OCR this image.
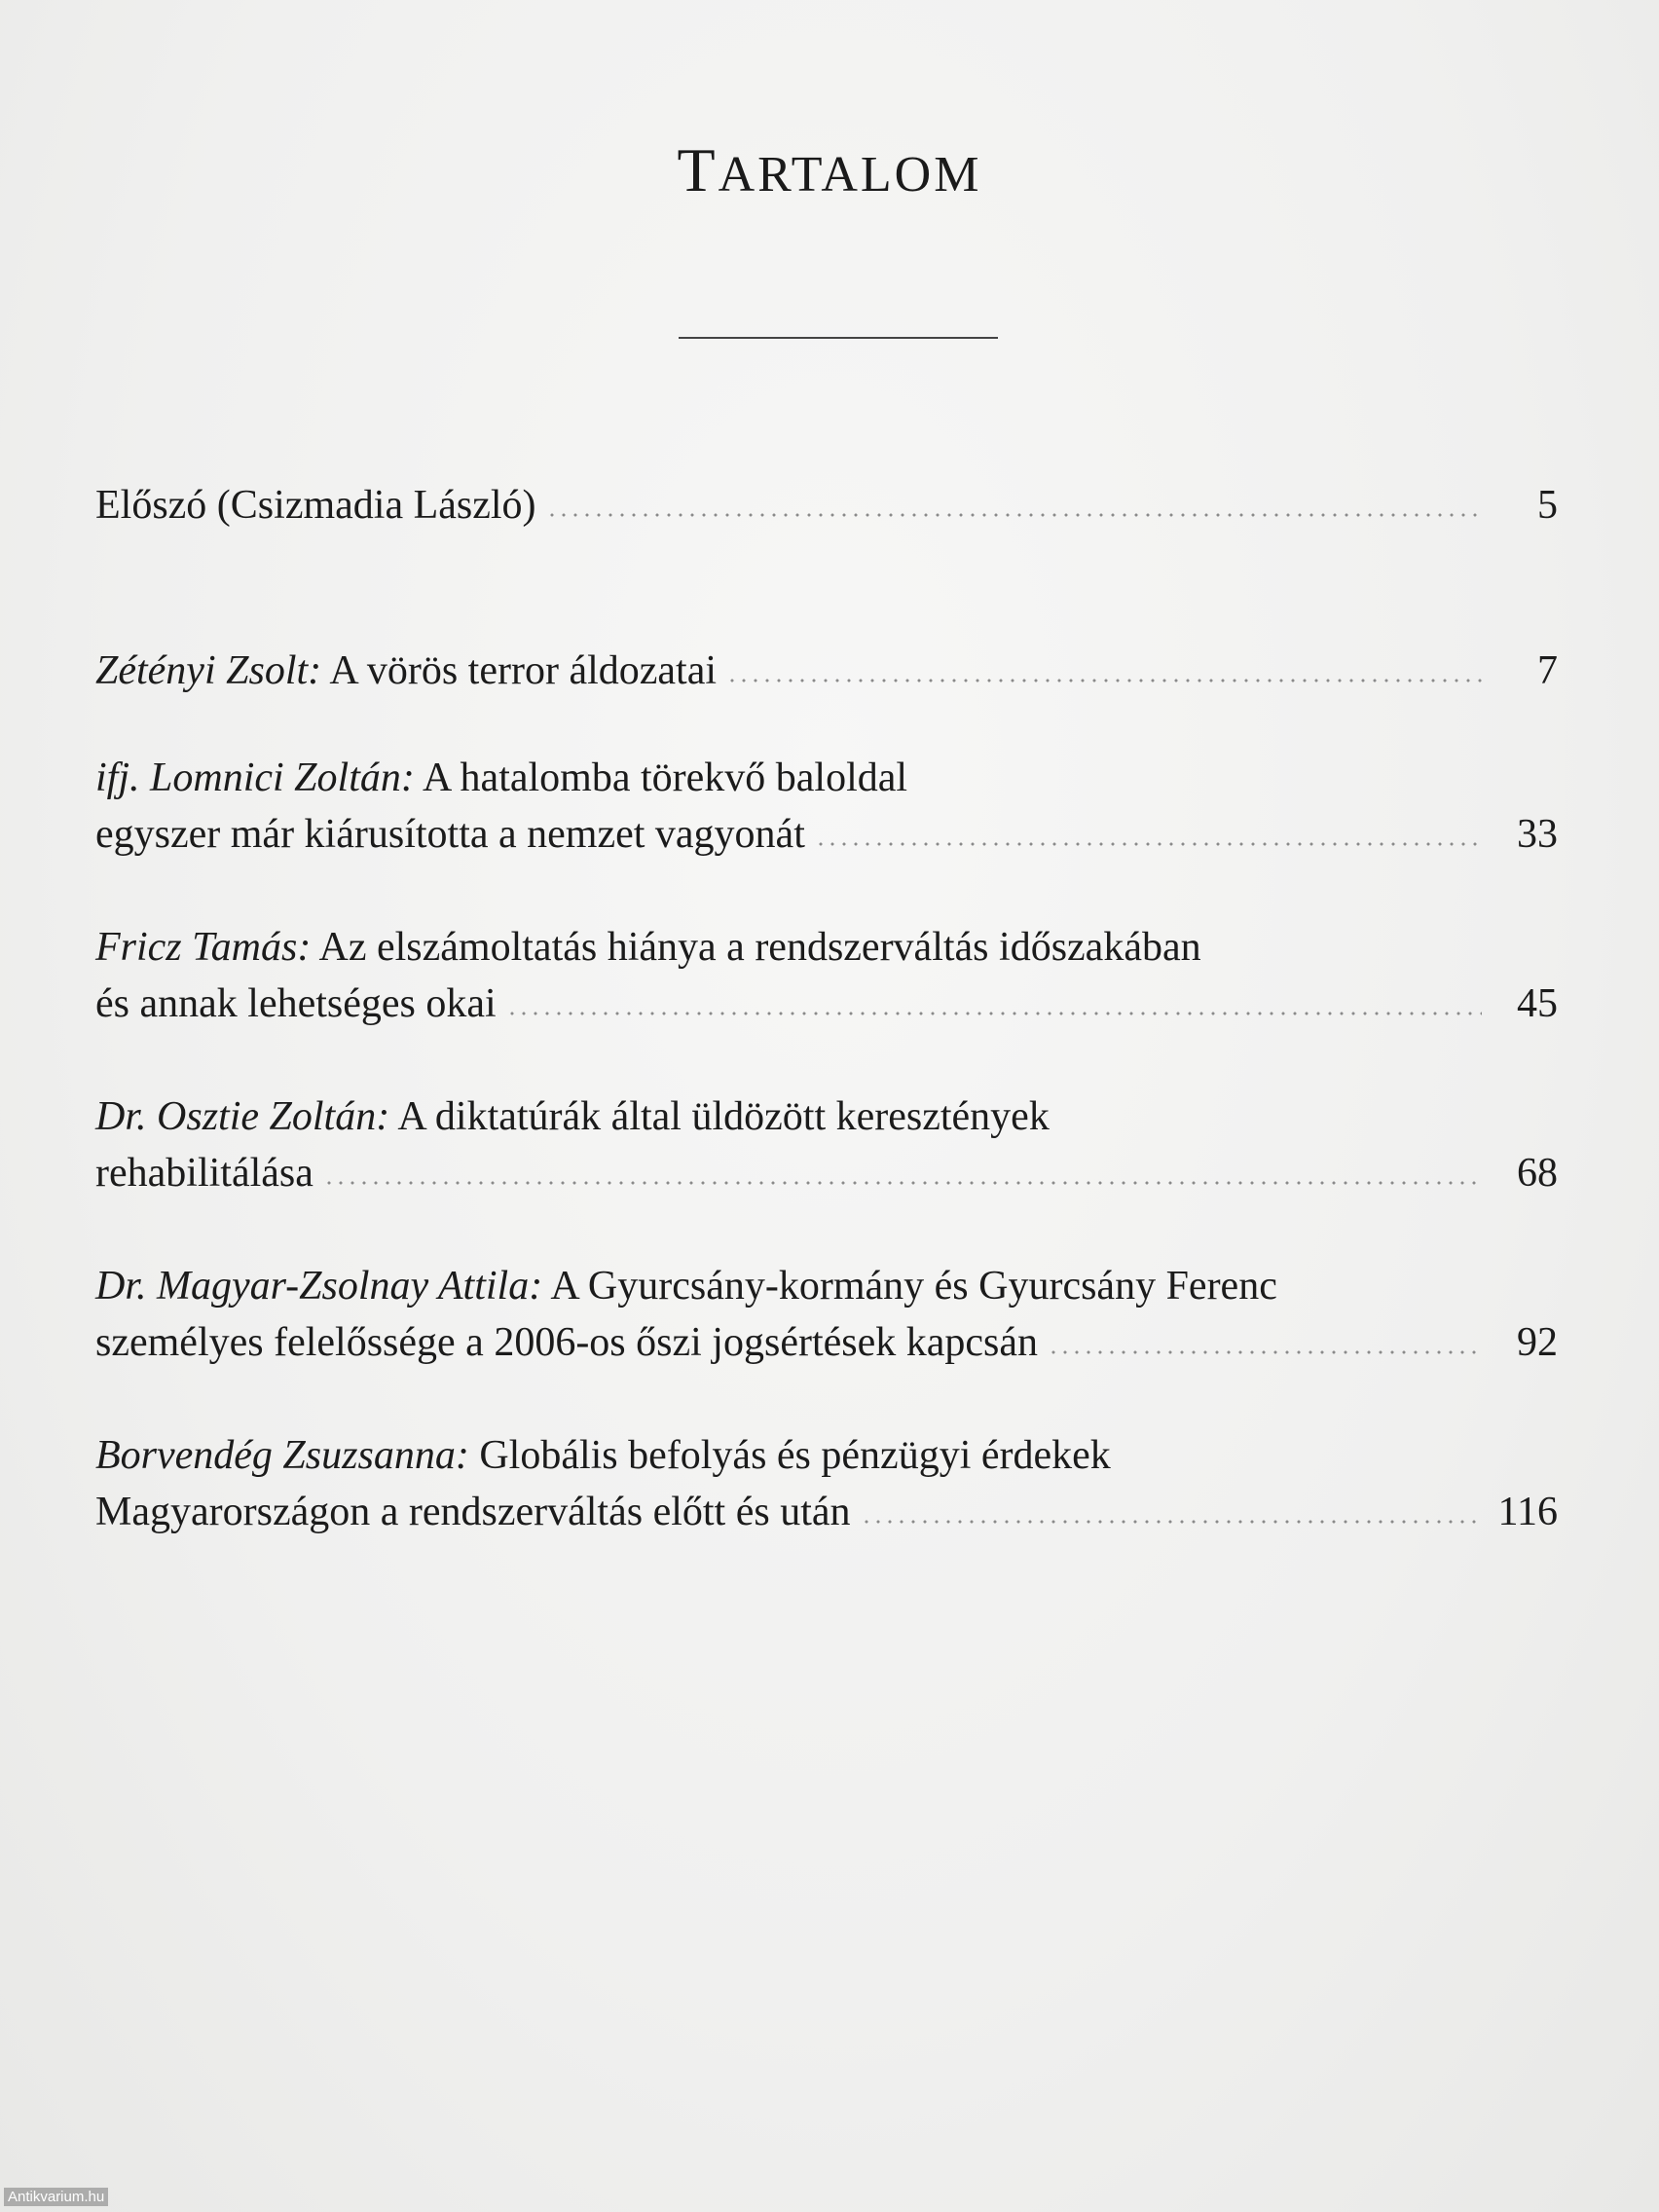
TARTALOM
Előszó (Csizmadia László)	5
Zétényi Zsolt: A vörös terror áldozatai	7
ifj. Lomnici Zoltán: A hatalomba törekvő baloldal
egyszer már kiárusította a nemzet vagyonát	33
Fricz Tamás: Az elszámoltatás hiánya a rendszerváltás időszakában
és annak lehetséges okai	45
Dr. Osztie Zoltán: A diktatúrák által üldözött keresztények
rehabilitálása	68
Dr. Magyar-Zsolnay Attila: A Gyurcsány-kormány és Gyurcsány Ferenc
személyes felelőssége a 2006-os őszi jogsértések kapcsán	92
Borvendég Zsuzsanna: Globális befolyás és pénzügyi érdekek
Magyarországon a rendszerváltás előtt és után	116
Antikvarium.hu
